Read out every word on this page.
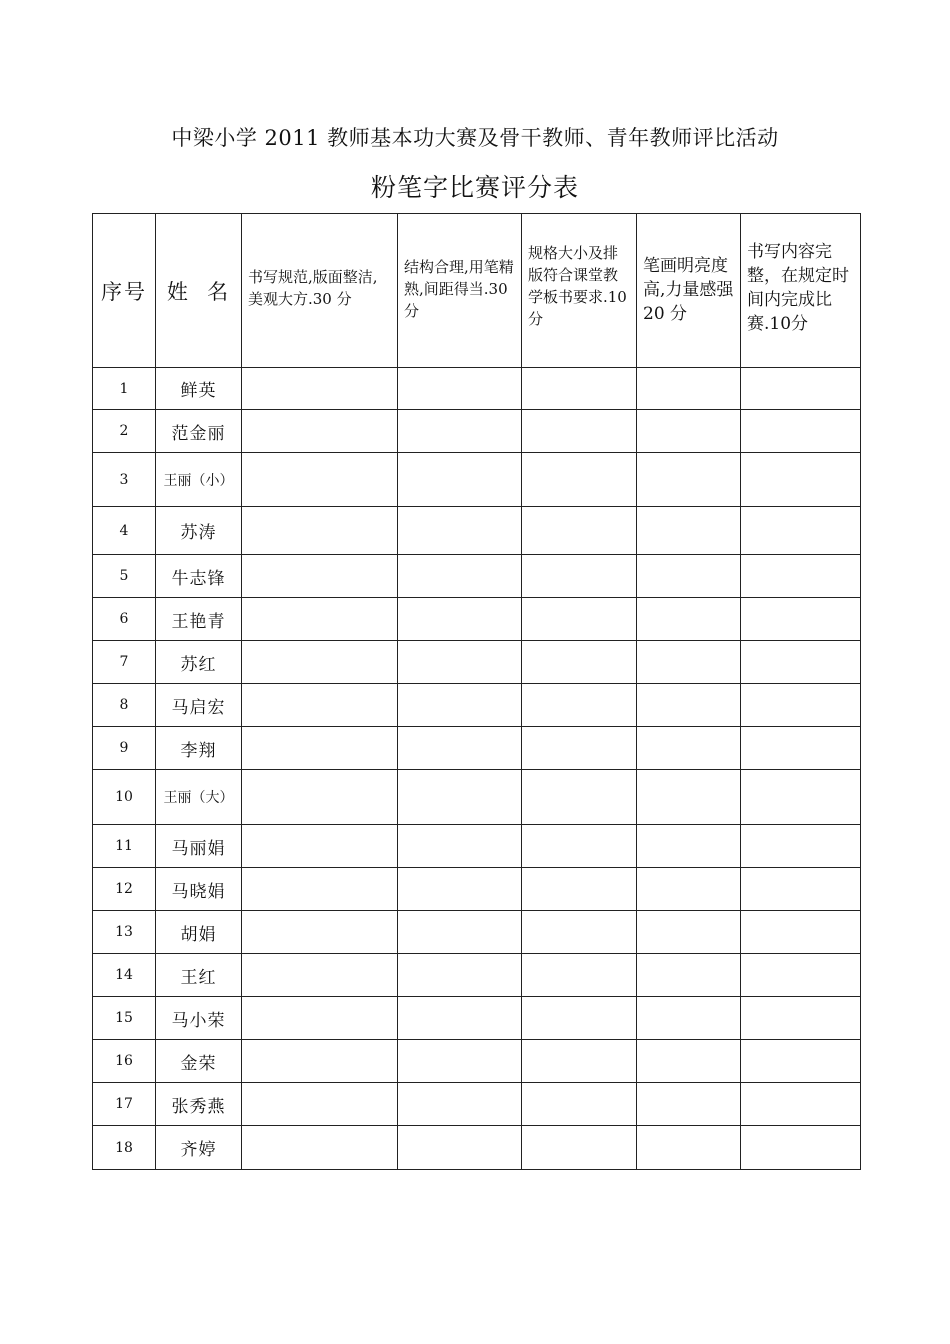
中梁小学 2011 教师基本功大赛及骨干教师、青年教师评比活动
粉笔字比赛评分表
序号	姓  名	书写规范,版面整洁,美观大方.30 分	结构合理,用笔精熟,间距得当.30 分	规格大小及排版符合课堂教学板书要求.10 分	笔画明亮度高,力量感强 20 分	书写内容完整，在规定时间内完成比赛.10分
1	鲜英					
2	范金丽					
3	王丽（小）					
4	苏涛					
5	牛志锋					
6	王艳青					
7	苏红					
8	马启宏					
9	李翔					
10	王丽（大）					
11	马丽娟					
12	马晓娟					
13	胡娟					
14	王红					
15	马小荣					
16	金荣					
17	张秀燕					
18	齐婷					
